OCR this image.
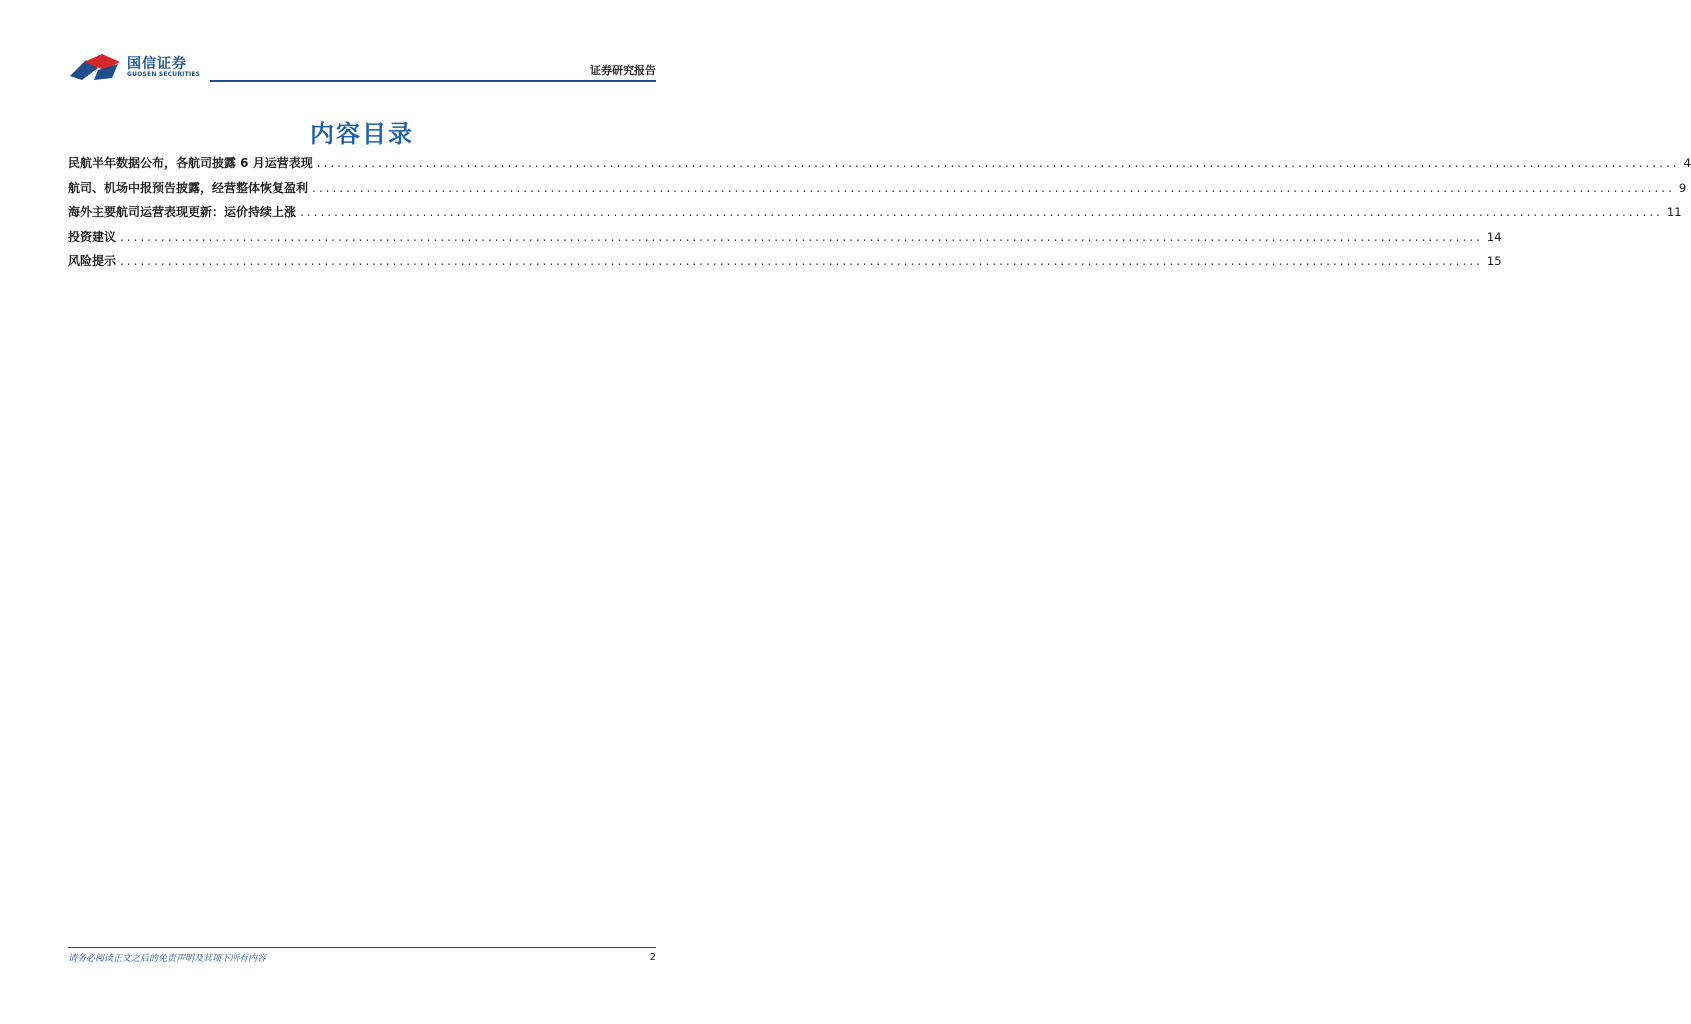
国信证券
GUOSEN SECURITIES	证券研究报告
内容目录
民航半年数据公布，各航司披露 6 月运营表现 ........................................................................................................................................................................................................ 4
航司、机场中报预告披露，经营整体恢复盈利 ........................................................................................................................................................................................................ 9
海外主要航司运营表现更新：运价持续上涨 ........................................................................................................................................................................................................ 11
投资建议 ........................................................................................................................................................................................................ 14
风险提示 ........................................................................................................................................................................................................ 15
请务必阅读正文之后的免责声明及其项下所有内容	2
